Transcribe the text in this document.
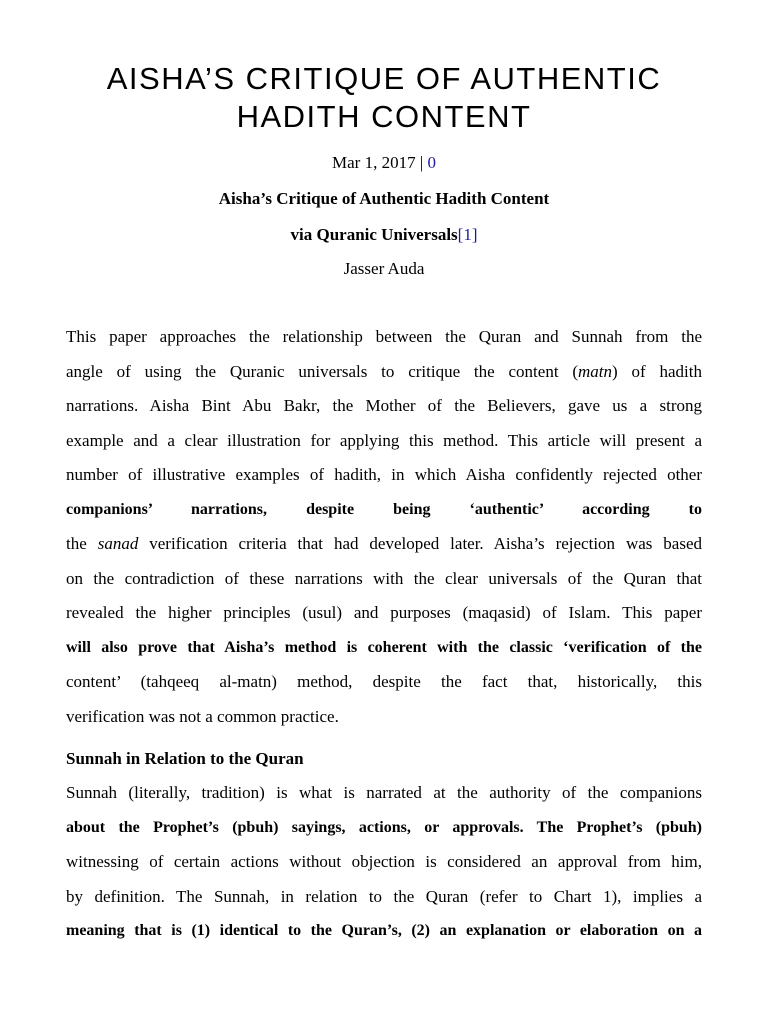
AISHA’S CRITIQUE OF AUTHENTIC
HADITH CONTENT
Mar 1, 2017 | 0
Aisha’s Critique of Authentic Hadith Content
via Quranic Universals[1]
Jasser Auda
This paper approaches the relationship between the Quran and Sunnah from the
angle of using the Quranic universals to critique the content (matn) of hadith
narrations. Aisha Bint Abu Bakr, the Mother of the Believers, gave us a strong
example and a clear illustration for applying this method. This article will present a
number of illustrative examples of hadith, in which Aisha confidently rejected other
companions’ narrations, despite being ‘authentic’ according to
the sanad verification criteria that had developed later. Aisha’s rejection was based
on the contradiction of these narrations with the clear universals of the Quran that
revealed the higher principles (usul) and purposes (maqasid) of Islam. This paper
will also prove that Aisha’s method is coherent with the classic ‘verification of the
content’ (tahqeeq al-matn) method, despite the fact that, historically, this
verification was not a common practice.
Sunnah in Relation to the Quran
Sunnah (literally, tradition) is what is narrated at the authority of the companions
about the Prophet’s (pbuh) sayings, actions, or approvals. The Prophet’s (pbuh)
witnessing of certain actions without objection is considered an approval from him,
by definition. The Sunnah, in relation to the Quran (refer to Chart 1), implies a
meaning that is (1) identical to the Quran’s, (2) an explanation or elaboration on a
